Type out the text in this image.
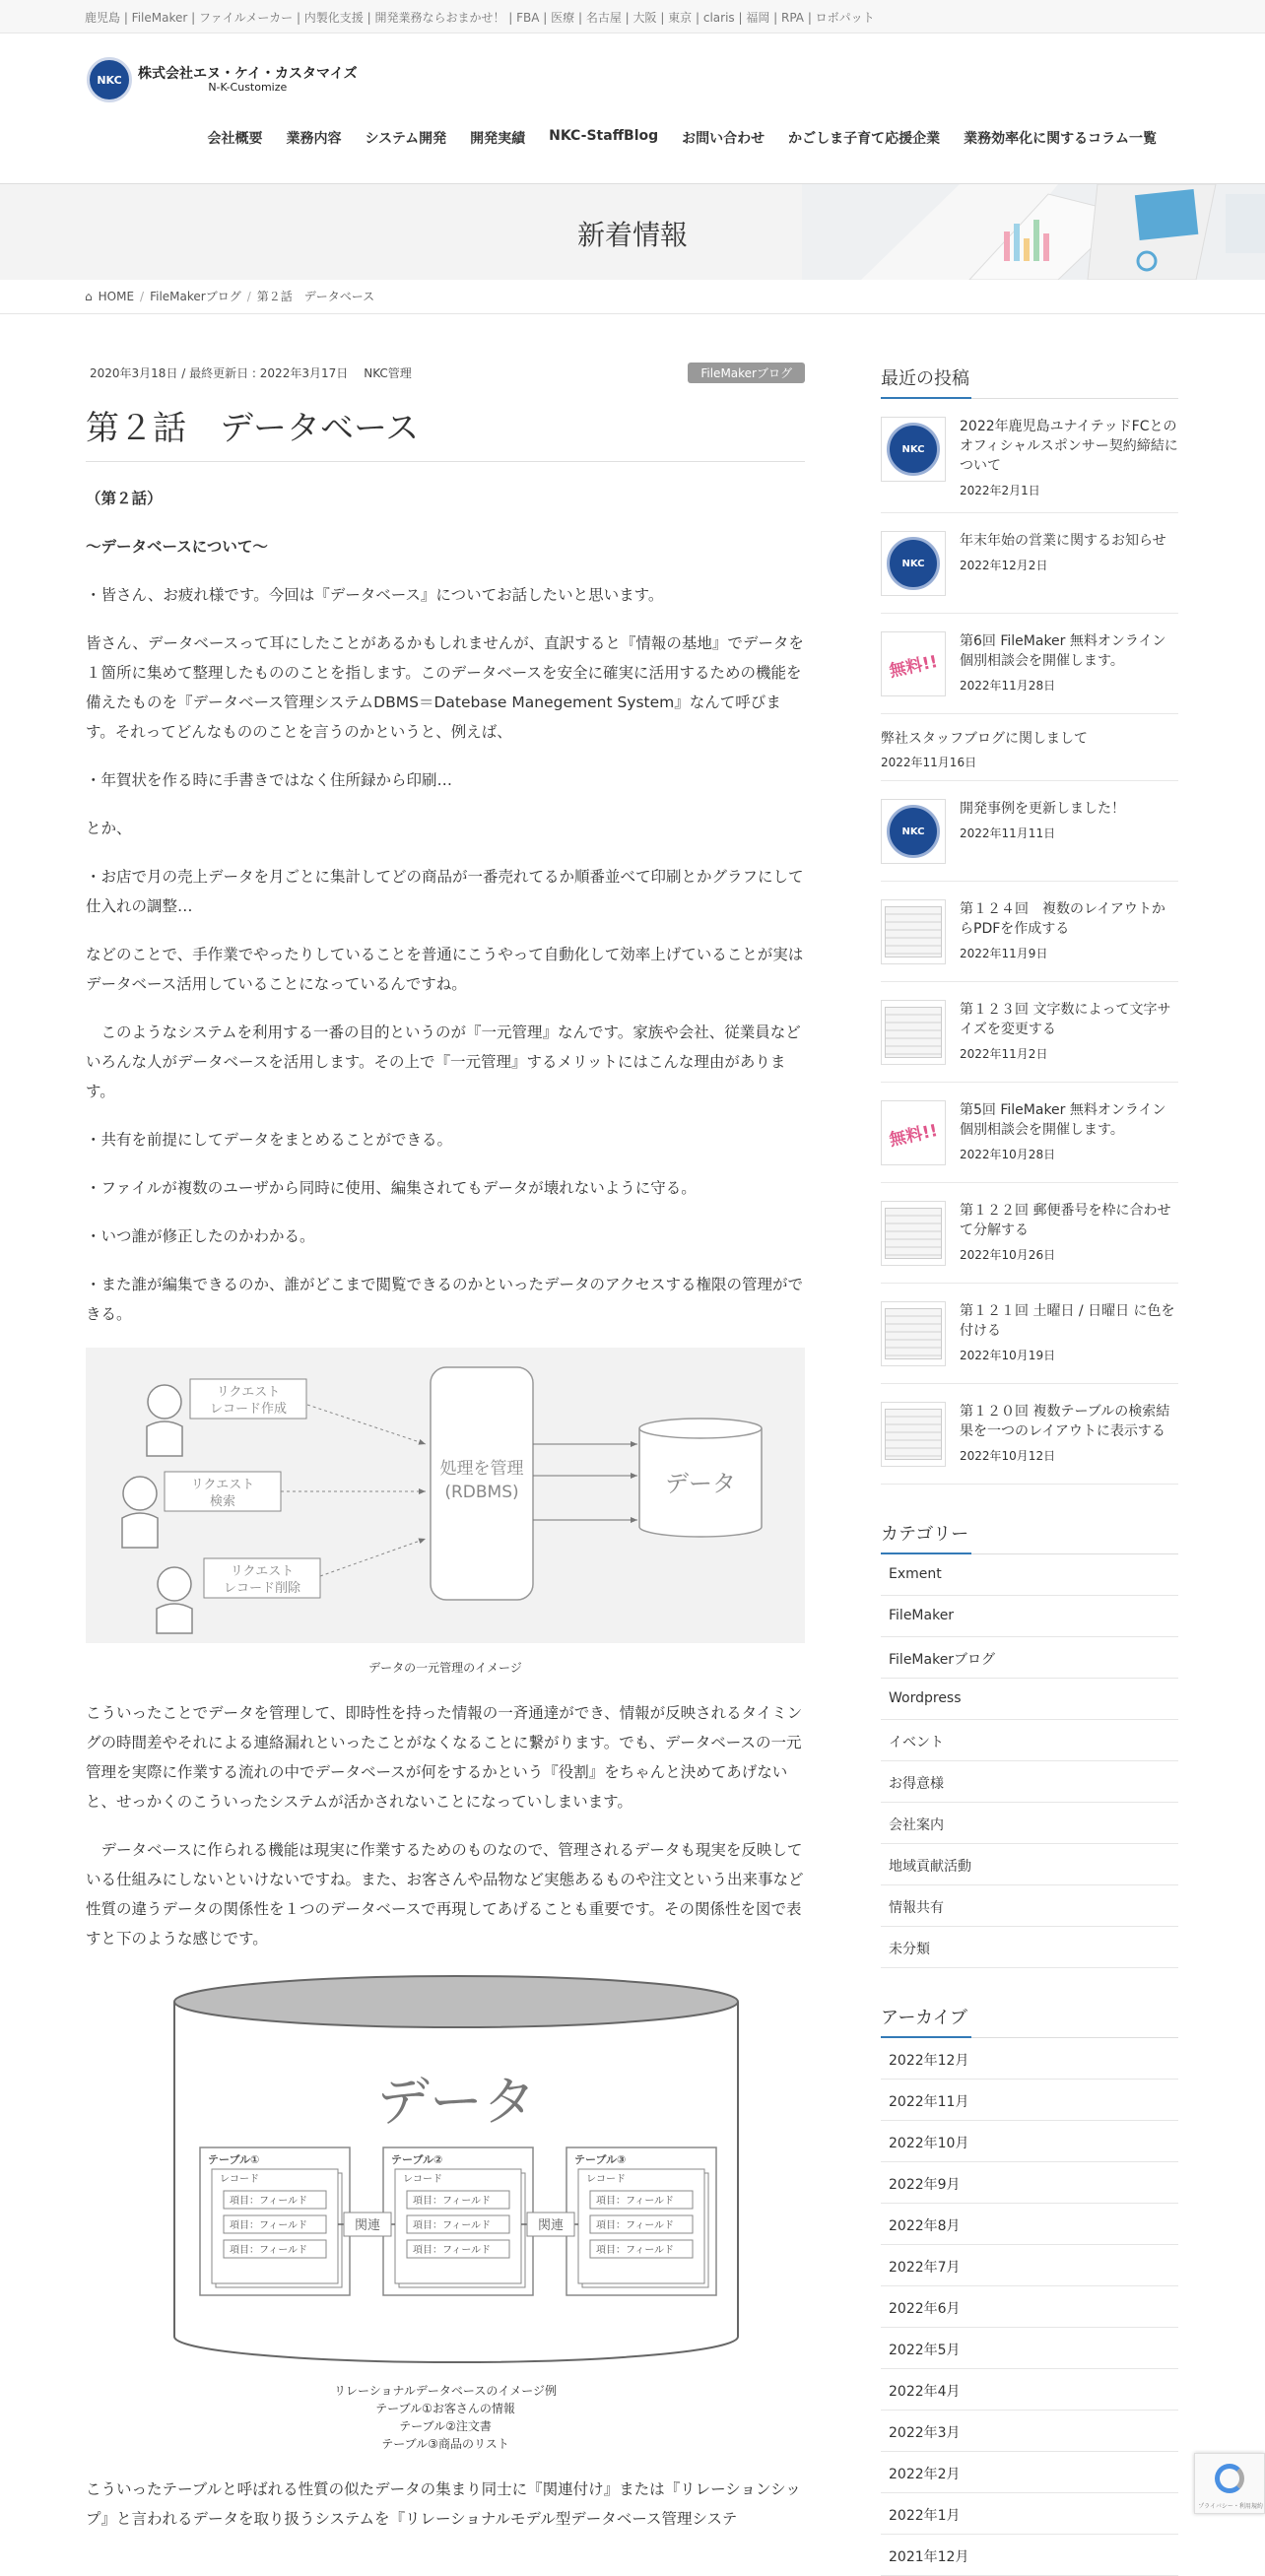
鹿児島 | FileMaker | ファイルメーカー | 内製化支援 | 開発業務ならおまかせ！ | FBA | 医療 | 名古屋 | 大阪 | 東京 | claris | 福岡 | RPA | ロボパット
NKC	株式会社エヌ・ケイ・カスタマイズ
N-K-Customize
会社概要	業務内容	システム開発	開発実績	NKC-StaffBlog	お問い合わせ	かごしま子育て応援企業	業務効率化に関するコラム一覧
新着情報
⌂ HOME / FileMakerブログ / 第２話　データベース
2020年3月18日 / 最終更新日 : 2022年3月17日 NKC管理	FileMakerブログ
第２話　データベース

（第２話）

〜データベースについて〜

・皆さん、お疲れ様です。今回は『データベース』についてお話したいと思います。

皆さん、データベースって耳にしたことがあるかもしれませんが、直訳すると『情報の基地』でデータを１箇所に集めて整理したもののことを指します。このデータベースを安全に確実に活用するための機能を備えたものを『データベース管理システムDBMS＝Datebase Manegement System』なんて呼びます。それってどんなもののことを言うのかというと、例えば、

・年賀状を作る時に手書きではなく住所録から印刷…

とか、

・お店で月の売上データを月ごとに集計してどの商品が一番売れてるか順番並べて印刷とかグラフにして仕入れの調整…

などのことで、手作業でやったりしていることを普通にこうやって自動化して効率上げていることが実はデータベース活用していることになっているんですね。

　このようなシステムを利用する一番の目的というのが『一元管理』なんです。家族や会社、従業員などいろんな人がデータベースを活用します。その上で『一元管理』するメリットにはこんな理由があります。

・共有を前提にしてデータをまとめることができる。

・ファイルが複数のユーザから同時に使用、編集されてもデータが壊れないように守る。

・いつ誰が修正したのかわかる。

・また誰が編集できるのか、誰がどこまで閲覧できるのかといったデータのアクセスする権限の管理ができる。

リクエスト
レコード作成
リクエスト
検索
リクエスト
レコード削除
処理を管理
(RDBMS)	データ
データの一元管理のイメージ

こういったことでデータを管理して、即時性を持った情報の一斉通達ができ、情報が反映されるタイミングの時間差やそれによる連絡漏れといったことがなくなることに繋がります。でも、データベースの一元管理を実際に作業する流れの中でデータベースが何をするかという『役割』をちゃんと決めてあげないと、せっかくのこういったシステムが活かされないことになっていしまいます。

　データベースに作られる機能は現実に作業するためのものなので、管理されるデータも現実を反映している仕組みにしないといけないですね。また、お客さんや品物など実態あるものや注文という出来事など性質の違うデータの関係性を１つのデータベースで再現してあげることも重要です。その関係性を図で表すと下のような感じです。

データ
テーブル①
レコード
項目：フィールド
項目：フィールド
項目：フィールド
テーブル②
レコード
項目：フィールド
項目：フィールド
項目：フィールド
テーブル③
レコード
項目：フィールド
項目：フィールド
項目：フィールド
関連	関連
リレーショナルデータベースのイメージ例
テーブル①お客さんの情報
テーブル②注文書
テーブル③商品のリスト

こういったテーブルと呼ばれる性質の似たデータの集まり同士に『関連付け』または『リレーションシップ』と言われるデータを取り扱うシステムを『リレーショナルモデル型データベース管理システ

最近の投稿
NKC
2022年鹿児島ユナイテッドFCとのオフィシャルスポンサー契約締結について
2022年2月1日
NKC
年末年始の営業に関するお知らせ
2022年12月2日
無料!!
第6回 FileMaker 無料オンライン個別相談会を開催します。
2022年11月28日
弊社スタッフブログに関しまして
2022年11月16日
NKC
開発事例を更新しました！
2022年11月11日
第１２４回　複数のレイアウトからPDFを作成する
2022年11月9日
第１２３回 文字数によって文字サイズを変更する
2022年11月2日
無料!!
第5回 FileMaker 無料オンライン個別相談会を開催します。
2022年10月28日
第１２２回 郵便番号を枠に合わせて分解する
2022年10月26日
第１２１回 土曜日 / 日曜日 に色を付ける
2022年10月19日
第１２０回 複数テーブルの検索結果を一つのレイアウトに表示する
2022年10月12日
カテゴリー
Exment
FileMaker
FileMakerブログ
Wordpress
イベント
お得意様
会社案内
地域貢献活動
情報共有
未分類
アーカイブ
2022年12月
2022年11月
2022年10月
2022年9月
2022年8月
2022年7月
2022年6月
2022年5月
2022年4月
2022年3月
2022年2月
2022年1月
2021年12月
プライバシー・利用規約
